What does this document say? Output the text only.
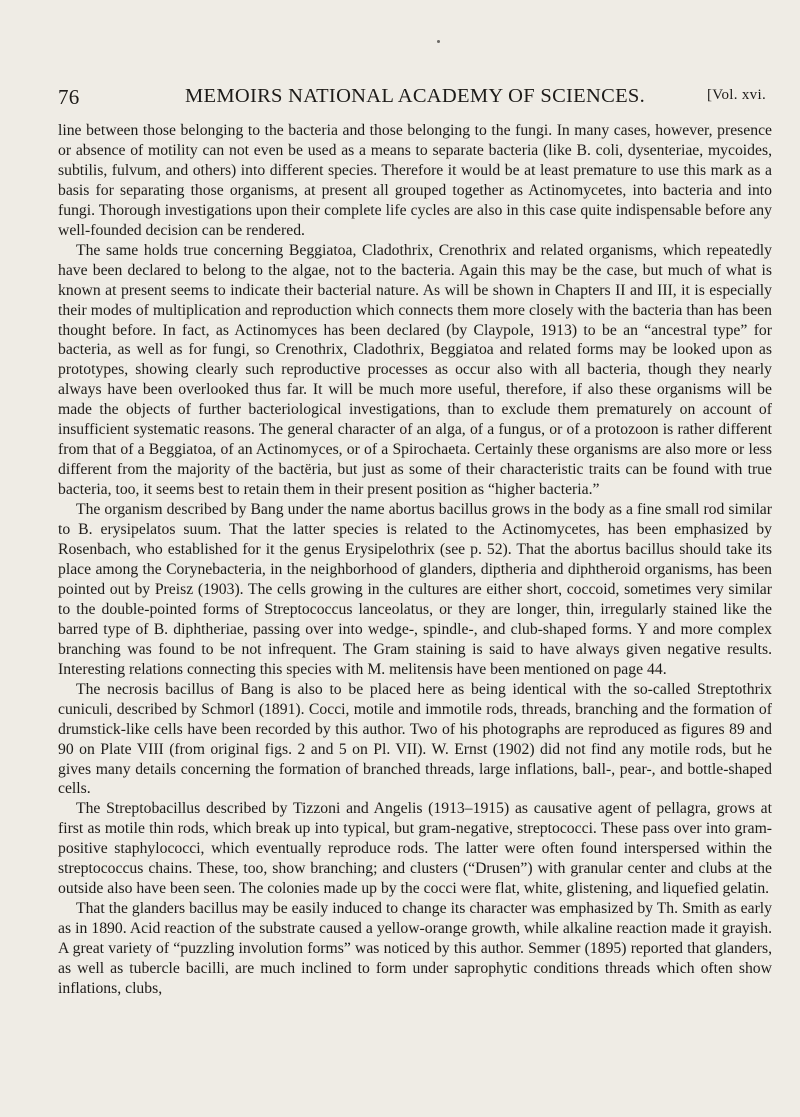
76	MEMOIRS NATIONAL ACADEMY OF SCIENCES.	[Vol. xvi.

line between those belonging to the bacteria and those belonging to the fungi. In many cases, however, presence or absence of motility can not even be used as a means to separate bacteria (like B. coli, dysenteriae, mycoides, subtilis, fulvum, and others) into different species. Therefore it would be at least premature to use this mark as a basis for separating those organisms, at present all grouped together as Actinomycetes, into bacteria and into fungi. Thorough investigations upon their complete life cycles are also in this case quite indispensable before any well-founded decision can be rendered.

The same holds true concerning Beggiatoa, Cladothrix, Crenothrix and related organisms, which repeatedly have been declared to belong to the algae, not to the bacteria. Again this may be the case, but much of what is known at present seems to indicate their bacterial nature. As will be shown in Chapters II and III, it is especially their modes of multiplication and reproduction which connects them more closely with the bacteria than has been thought before. In fact, as Actinomyces has been declared (by Claypole, 1913) to be an “ancestral type” for bacteria, as well as for fungi, so Crenothrix, Cladothrix, Beggiatoa and related forms may be looked upon as prototypes, showing clearly such reproductive processes as occur also with all bacteria, though they nearly always have been overlooked thus far. It will be much more useful, therefore, if also these organisms will be made the objects of further bacteriological investigations, than to exclude them prematurely on account of insufficient systematic reasons. The general character of an alga, of a fungus, or of a protozoon is rather different from that of a Beggiatoa, of an Actinomyces, or of a Spirochaeta. Certainly these organisms are also more or less different from the majority of the bactëria, but just as some of their characteristic traits can be found with true bacteria, too, it seems best to retain them in their present position as “higher bacteria.”

The organism described by Bang under the name abortus bacillus grows in the body as a fine small rod similar to B. erysipelatos suum. That the latter species is related to the Actinomycetes, has been emphasized by Rosenbach, who established for it the genus Erysipelothrix (see p. 52). That the abortus bacillus should take its place among the Corynebacteria, in the neighborhood of glanders, diptheria and diphtheroid organisms, has been pointed out by Preisz (1903). The cells growing in the cultures are either short, coccoid, sometimes very similar to the double-pointed forms of Streptococcus lanceolatus, or they are longer, thin, irregularly stained like the barred type of B. diphtheriae, passing over into wedge-, spindle-, and club-shaped forms. Y and more complex branching was found to be not infrequent. The Gram staining is said to have always given negative results. Interesting relations connecting this species with M. melitensis have been mentioned on page 44.

The necrosis bacillus of Bang is also to be placed here as being identical with the so-called Streptothrix cuniculi, described by Schmorl (1891). Cocci, motile and immotile rods, threads, branching and the formation of drumstick-like cells have been recorded by this author. Two of his photographs are reproduced as figures 89 and 90 on Plate VIII (from original figs. 2 and 5 on Pl. VII). W. Ernst (1902) did not find any motile rods, but he gives many details concerning the formation of branched threads, large inflations, ball-, pear-, and bottle-shaped cells.

The Streptobacillus described by Tizzoni and Angelis (1913–1915) as causative agent of pellagra, grows at first as motile thin rods, which break up into typical, but gram-negative, streptococci. These pass over into gram-positive staphylococci, which eventually reproduce rods. The latter were often found interspersed within the streptococcus chains. These, too, show branching; and clusters (“Drusen”) with granular center and clubs at the outside also have been seen. The colonies made up by the cocci were flat, white, glistening, and liquefied gelatin.

That the glanders bacillus may be easily induced to change its character was emphasized by Th. Smith as early as in 1890. Acid reaction of the substrate caused a yellow-orange growth, while alkaline reaction made it grayish. A great variety of “puzzling involution forms” was noticed by this author. Semmer (1895) reported that glanders, as well as tubercle bacilli, are much inclined to form under saprophytic conditions threads which often show inflations, clubs,
